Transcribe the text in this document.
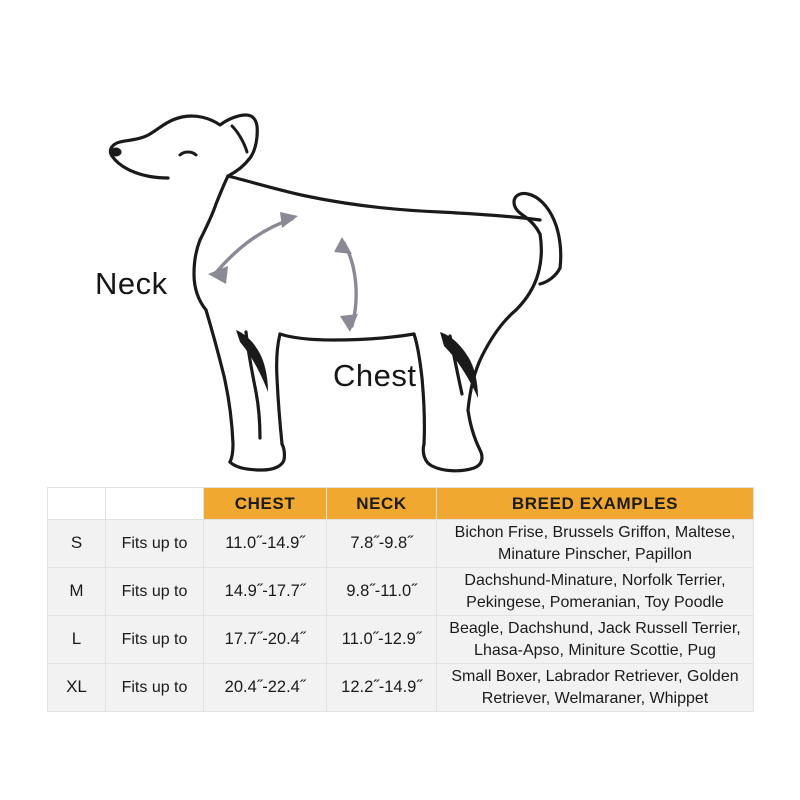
Neck
Chest
		CHEST	NECK	BREED EXAMPLES
S	Fits up to	11.0˝-14.9˝	7.8˝-9.8˝	Bichon Frise, Brussels Griffon, Maltese, Minature Pinscher, Papillon
M	Fits up to	14.9˝-17.7˝	9.8˝-11.0˝	Dachshund-Minature, Norfolk Terrier, Pekingese, Pomeranian, Toy Poodle
L	Fits up to	17.7˝-20.4˝	11.0˝-12.9˝	Beagle, Dachshund, Jack Russell Terrier, Lhasa-Apso, Miniture Scottie, Pug
XL	Fits up to	20.4˝-22.4˝	12.2˝-14.9˝	Small Boxer, Labrador Retriever, Golden Retriever, Welmaraner, Whippet
